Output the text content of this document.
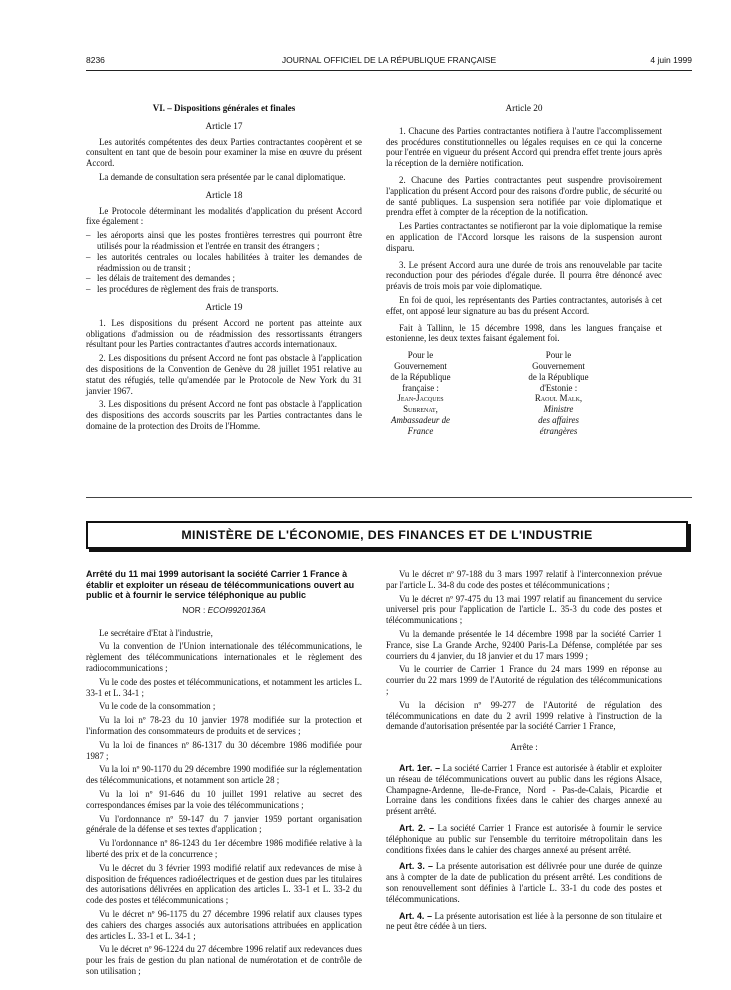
8236	JOURNAL OFFICIEL DE LA RÉPUBLIQUE FRANÇAISE	4 juin 1999
VI. – Dispositions générales et finales
Article 17

Les autorités compétentes des deux Parties contractantes coopèrent et se consultent en tant que de besoin pour examiner la mise en œuvre du présent Accord.

La demande de consultation sera présentée par le canal diplomatique.

Article 18

Le Protocole déterminant les modalités d'application du présent Accord fixe également :

– les aéroports ainsi que les postes frontières terrestres qui pourront être utilisés pour la réadmission et l'entrée en transit des étrangers ;
– les autorités centrales ou locales habilitées à traiter les demandes de réadmission ou de transit ;
– les délais de traitement des demandes ;
– les procédures de règlement des frais de transports.
Article 19

1. Les dispositions du présent Accord ne portent pas atteinte aux obligations d'admission ou de réadmission des ressortissants étrangers résultant pour les Parties contractantes d'autres accords internationaux.

2. Les dispositions du présent Accord ne font pas obstacle à l'application des dispositions de la Convention de Genève du 28 juillet 1951 relative au statut des réfugiés, telle qu'amendée par le Protocole de New York du 31 janvier 1967.

3. Les dispositions du présent Accord ne font pas obstacle à l'application des dispositions des accords souscrits par les Parties contractantes dans le domaine de la protection des Droits de l'Homme.

Article 20

1. Chacune des Parties contractantes notifiera à l'autre l'accomplissement des procédures constitutionnelles ou légales requises en ce qui la concerne pour l'entrée en vigueur du présent Accord qui prendra effet trente jours après la réception de la dernière notification.

2. Chacune des Parties contractantes peut suspendre provisoirement l'application du présent Accord pour des raisons d'ordre public, de sécurité ou de santé publiques. La suspension sera notifiée par voie diplomatique et prendra effet à compter de la réception de la notification.

Les Parties contractantes se notifieront par la voie diplomatique la remise en application de l'Accord lorsque les raisons de la suspension auront disparu.

3. Le présent Accord aura une durée de trois ans renouvelable par tacite reconduction pour des périodes d'égale durée. Il pourra être dénoncé avec préavis de trois mois par voie diplomatique.

En foi de quoi, les représentants des Parties contractantes, autorisés à cet effet, ont apposé leur signature au bas du présent Accord.

Fait à Tallinn, le 15 décembre 1998, dans les langues française et estonienne, les deux textes faisant également foi.

Pour le Gouvernement
de la République
française :
Jean-Jacques Subrenat,
Ambassadeur de France
Pour le Gouvernement
de la République d'Estonie :
Raoul Malk,
Ministre
des affaires étrangères
MINISTÈRE DE L'ÉCONOMIE, DES FINANCES ET DE L'INDUSTRIE
Arrêté du 11 mai 1999 autorisant la société Carrier 1 France à établir et exploiter un réseau de télécommunications ouvert au public et à fournir le service téléphonique au public
NOR : ECOI9920136A

Le secrétaire d'Etat à l'industrie,

Vu la convention de l'Union internationale des télécommunications, le règlement des télécommunications internationales et le règlement des radiocommunications ;

Vu le code des postes et télécommunications, et notamment les articles L. 33-1 et L. 34-1 ;

Vu le code de la consommation ;

Vu la loi nº 78-23 du 10 janvier 1978 modifiée sur la protection et l'information des consommateurs de produits et de services ;

Vu la loi de finances nº 86-1317 du 30 décembre 1986 modifiée pour 1987 ;

Vu la loi nº 90-1170 du 29 décembre 1990 modifiée sur la réglementation des télécommunications, et notamment son article 28 ;

Vu la loi nº 91-646 du 10 juillet 1991 relative au secret des correspondances émises par la voie des télécommunications ;

Vu l'ordonnance nº 59-147 du 7 janvier 1959 portant organisation générale de la défense et ses textes d'application ;

Vu l'ordonnance nº 86-1243 du 1er décembre 1986 modifiée relative à la liberté des prix et de la concurrence ;

Vu le décret du 3 février 1993 modifié relatif aux redevances de mise à disposition de fréquences radioélectriques et de gestion dues par les titulaires des autorisations délivrées en application des articles L. 33-1 et L. 33-2 du code des postes et télécommunications ;

Vu le décret nº 96-1175 du 27 décembre 1996 relatif aux clauses types des cahiers des charges associés aux autorisations attribuées en application des articles L. 33-1 et L. 34-1 ;

Vu le décret nº 96-1224 du 27 décembre 1996 relatif aux redevances dues pour les frais de gestion du plan national de numérotation et de contrôle de son utilisation ;

Vu le décret nº 97-188 du 3 mars 1997 relatif à l'interconnexion prévue par l'article L. 34-8 du code des postes et télécommunications ;

Vu le décret nº 97-475 du 13 mai 1997 relatif au financement du service universel pris pour l'application de l'article L. 35-3 du code des postes et télécommunications ;

Vu la demande présentée le 14 décembre 1998 par la société Carrier 1 France, sise La Grande Arche, 92400 Paris-La Défense, complétée par ses courriers du 4 janvier, du 18 janvier et du 17 mars 1999 ;

Vu le courrier de Carrier 1 France du 24 mars 1999 en réponse au courrier du 22 mars 1999 de l'Autorité de régulation des télécommunications ;

Vu la décision nº 99-277 de l'Autorité de régulation des télécommunications en date du 2 avril 1999 relative à l'instruction de la demande d'autorisation présentée par la société Carrier 1 France,

Arrête :

Art. 1er. – La société Carrier 1 France est autorisée à établir et exploiter un réseau de télécommunications ouvert au public dans les régions Alsace, Champagne-Ardenne, Ile-de-France, Nord - Pas-de-Calais, Picardie et Lorraine dans les conditions fixées dans le cahier des charges annexé au présent arrêté.

Art. 2. – La société Carrier 1 France est autorisée à fournir le service téléphonique au public sur l'ensemble du territoire métropolitain dans les conditions fixées dans le cahier des charges annexé au présent arrêté.

Art. 3. – La présente autorisation est délivrée pour une durée de quinze ans à compter de la date de publication du présent arrêté. Les conditions de son renouvellement sont définies à l'article L. 33-1 du code des postes et télécommunications.

Art. 4. – La présente autorisation est liée à la personne de son titulaire et ne peut être cédée à un tiers.
